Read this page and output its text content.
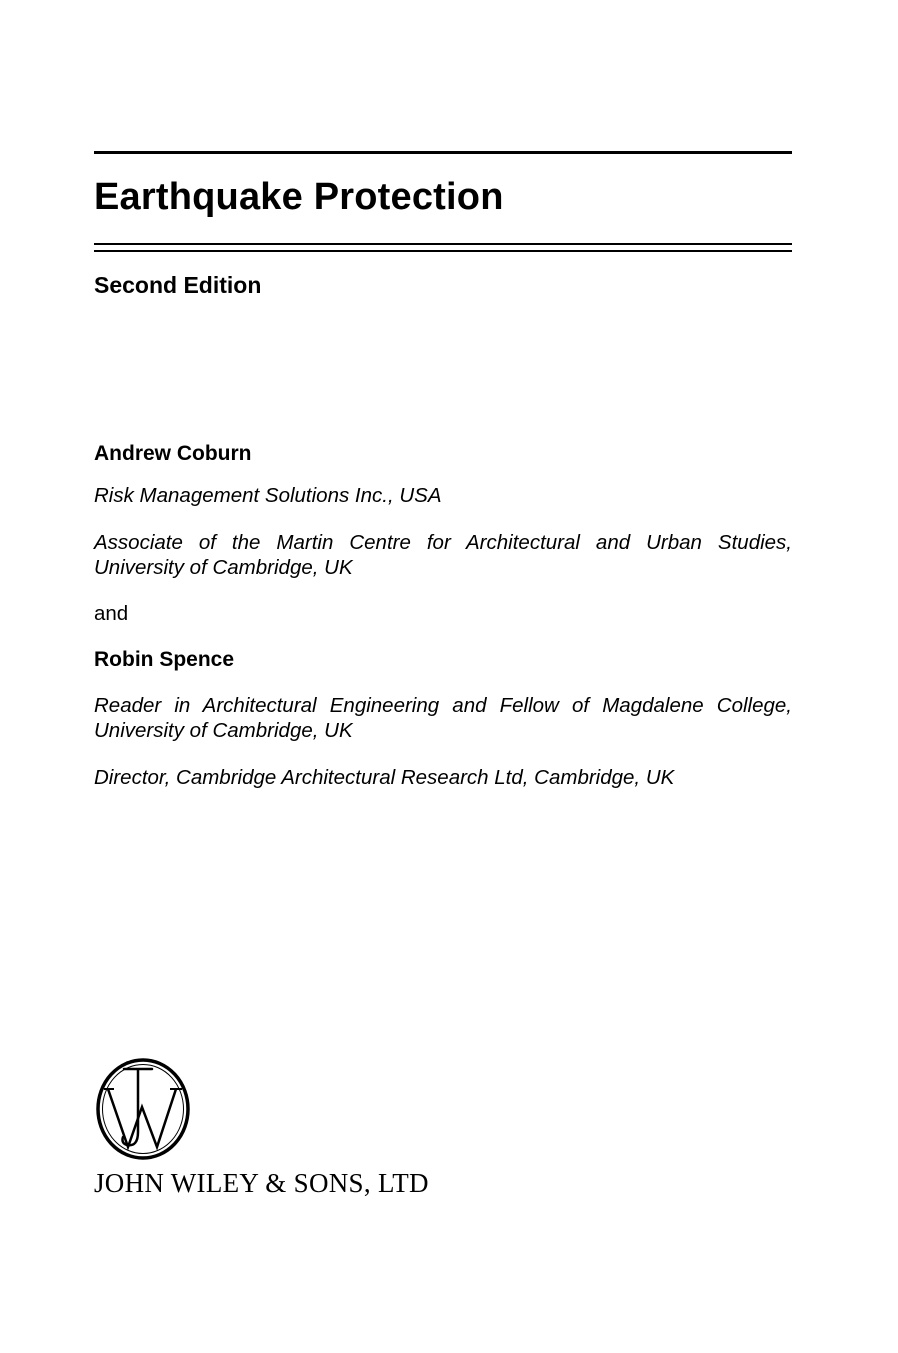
Earthquake Protection
Second Edition

Andrew Coburn

Risk Management Solutions Inc., USA

Associate of the Martin Centre for Architectural and Urban Studies, University of Cambridge, UK

and

Robin Spence

Reader in Architectural Engineering and Fellow of Magdalene College, University of Cambridge, UK

Director, Cambridge Architectural Research Ltd, Cambridge, UK

JOHN WILEY & SONS, LTD
